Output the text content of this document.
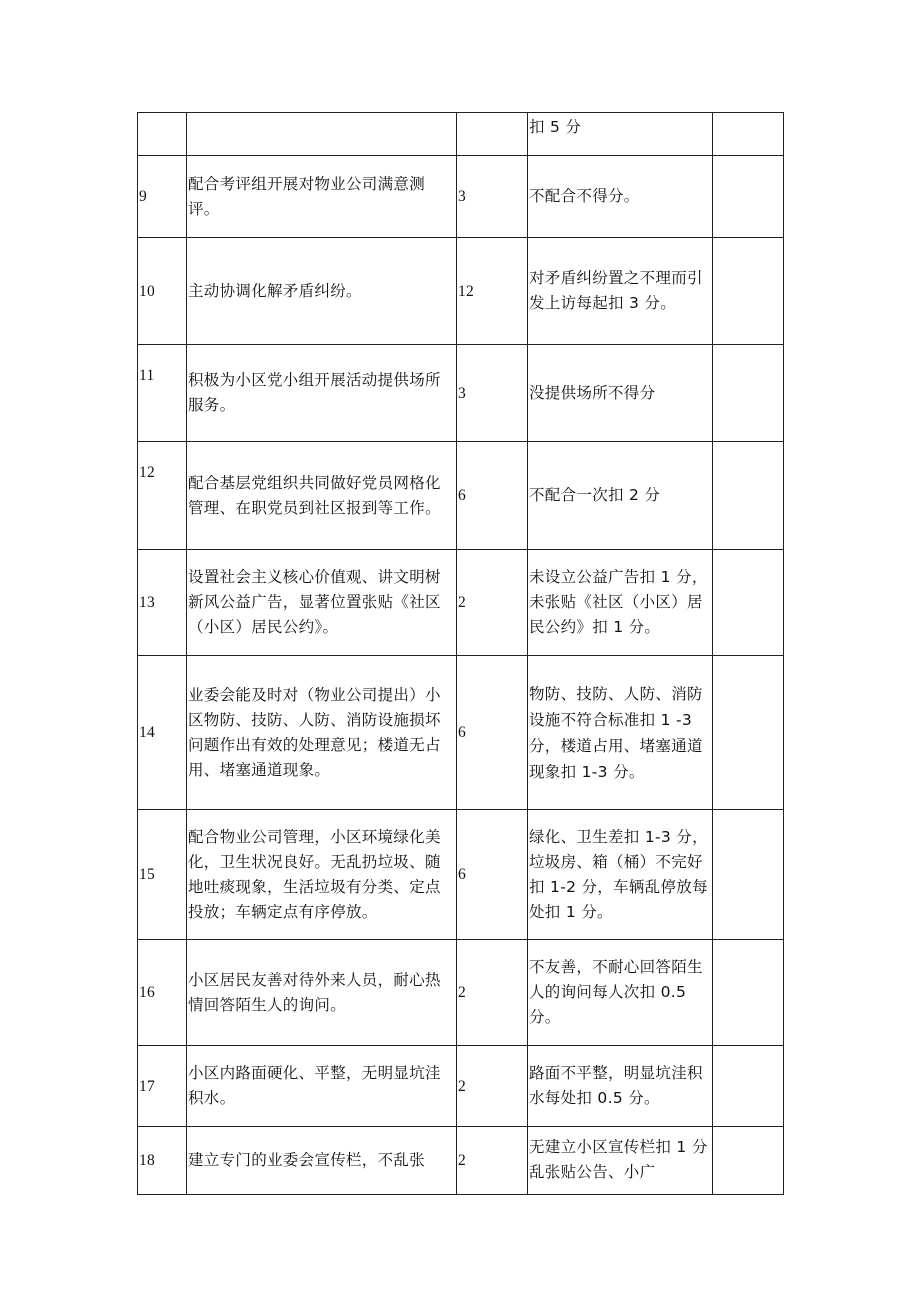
			扣 5 分	
9	配合考评组开展对物业公司满意测评。	3	不配合不得分。	
10	主动协调化解矛盾纠纷。	12	对矛盾纠纷置之不理而引发上访每起扣 3 分。	
11	积极为小区党小组开展活动提供场所服务。	3	没提供场所不得分	
12	配合基层党组织共同做好党员网格化管理、在职党员到社区报到等工作。	6	不配合一次扣 2 分	
13	设置社会主义核心价值观、讲文明树新风公益广告，显著位置张贴《社区（小区）居民公约》。	2	未设立公益广告扣 1 分，未张贴《社区（小区）居民公约》扣 1 分。	
14	业委会能及时对（物业公司提出）小区物防、技防、人防、消防设施损坏问题作出有效的处理意见；楼道无占用、堵塞通道现象。	6	物防、技防、人防、消防设施不符合标准扣 1 -3 分，楼道占用、堵塞通道现象扣 1-3 分。	
15	配合物业公司管理，小区环境绿化美化，卫生状况良好。无乱扔垃圾、随地吐痰现象，生活垃圾有分类、定点投放；车辆定点有序停放。	6	绿化、卫生差扣 1-3 分，垃圾房、箱（桶）不完好扣 1-2 分，车辆乱停放每处扣 1 分。	
16	小区居民友善对待外来人员，耐心热情回答陌生人的询问。	2	不友善，不耐心回答陌生人的询问每人次扣 0.5 分。	
17	小区内路面硬化、平整，无明显坑洼积水。	2	路面不平整，明显坑洼积水每处扣 0.5 分。	
18	建立专门的业委会宣传栏，不乱张	2	无建立小区宣传栏扣 1 分乱张贴公告、小广	
